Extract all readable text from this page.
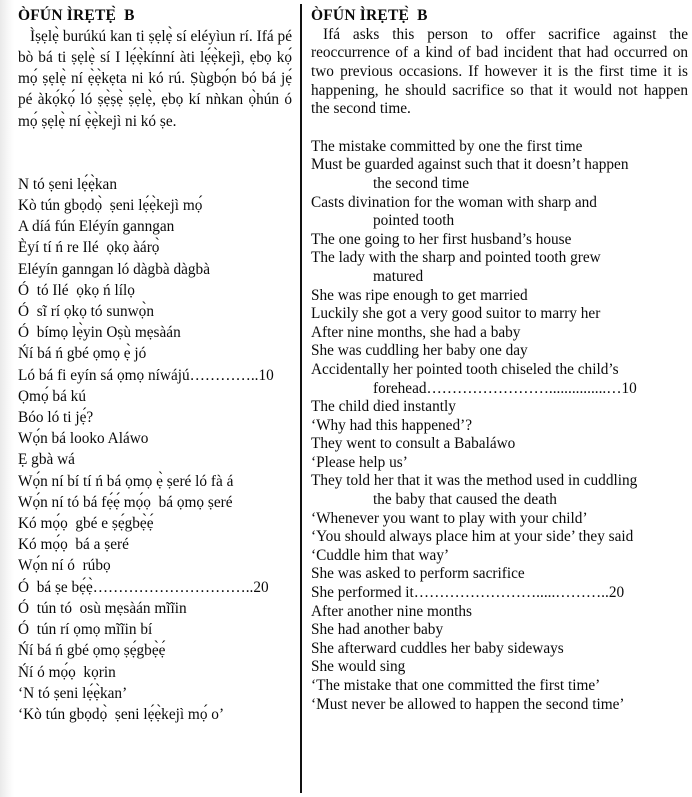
ÒFÚN ÌRẸTẸ̀  B

Ìṣẹlẹ̀ burúkú kan ti ṣẹlẹ̀ sí eléyìun rí. Ifá pé bò bá ti ṣẹlẹ̀ sí I lẹ́ẹ̀kínní àti lẹ́ẹ̀kejì, ẹbọ kọ́ mọ́ ṣẹlẹ̀ ní ẹ̀ẹ̀kẹta ni kó rú. Ṣùgbọ́n bó bá jẹ́ pé àkọ́kọ́ ló ṣẹ̀ṣẹ̀ ṣẹlẹ̀, ẹbọ kí nǹkan ọ̀hún ó mọ́ ṣẹlẹ̀ ní ẹ̀ẹ̀kejì ni kó ṣe.

N tó ṣeni lẹ́ẹ̀kan

Kò tún gbọdọ̀  ṣeni lẹ́ẹ̀kejì mọ́

A díá fún Eléyín ganngan

Èyí tí ń re Ilé  ọkọ àárọ̀

Eléyín ganngan ló dàgbà dàgbà

Ó  tó Ilé  ọkọ ń lílọ

Ó  sĩ rí ọkọ tó sunwọ̀n

Ó  bímọ lẹ̀yin Oṣù mẹsàán

Ńí bá ń gbé ọmọ ẹ̀ jó

Ló bá fi eyín sá ọmọ níwájú…………..10

Ọmọ́ bá kú

Bóo ló ti jẹ́?

Wọ́n bá looko Aláwo

Ẹ gbà wá

Wọ́n ní bí tí ń bá ọmọ ẹ̀ ṣeré ló fà á

Wọ́n ní tó bá fẹ́ẹ́ mọ́ọ  bá ọmọ ṣeré

Kó mọ́ọ  gbé e ṣẹ́gbẹ̀ẹ́

Kó mọ́ọ  bá a ṣeré

Wọ́n ní ó  rúbọ

Ó  bá ṣe bẹ́ẹ̀…………………………..20

Ó  tún tó  osù mẹsàán mĩĩin

Ó  tún rí ọmọ mĩĩin bí

Ńí bá ń gbé ọmọ ṣẹ́gbẹ̀ẹ́

Ńí ó mọ́ọ  kọrin

‘N tó ṣeni lẹ́ẹ̀kan’

‘Kò tún gbọdọ̀  ṣeni lẹ́ẹ̀kejì mọ́ o’

ÒFÚN ÌRẸTẸ̀  B

Ifá asks this person to offer sacrifice against the reoccurrence of a kind of bad incident that had occurred on two previous occasions. If however it is the first time it is happening, he should sacrifice so that it would not happen the second time.

The mistake committed by one the first time

Must be guarded against such that it doesn’t happen

the second time

Casts divination for the woman with sharp and

pointed tooth

The one going to her first husband’s house

The lady with the sharp and pointed tooth grew

matured

She was ripe enough to get married

Luckily she got a very good suitor to marry her

After nine months, she had a baby

She was cuddling her baby one day

Accidentally her pointed tooth chiseled the child’s

forehead……………………...............…10

The child died instantly

‘Why had this happened’?

They went to consult a Babaláwo

‘Please help us’

They told her that it was the method used in cuddling

the baby that caused the death

‘Whenever you want to play with your child’

‘You should always place him at your side’ they said

‘Cuddle him that way’

She was asked to perform sacrifice

She performed it…………………….....………..20

After another nine months

She had another baby

She afterward cuddles her baby sideways

She would sing

‘The mistake that one committed the first time’

‘Must never be allowed to happen the second time’
